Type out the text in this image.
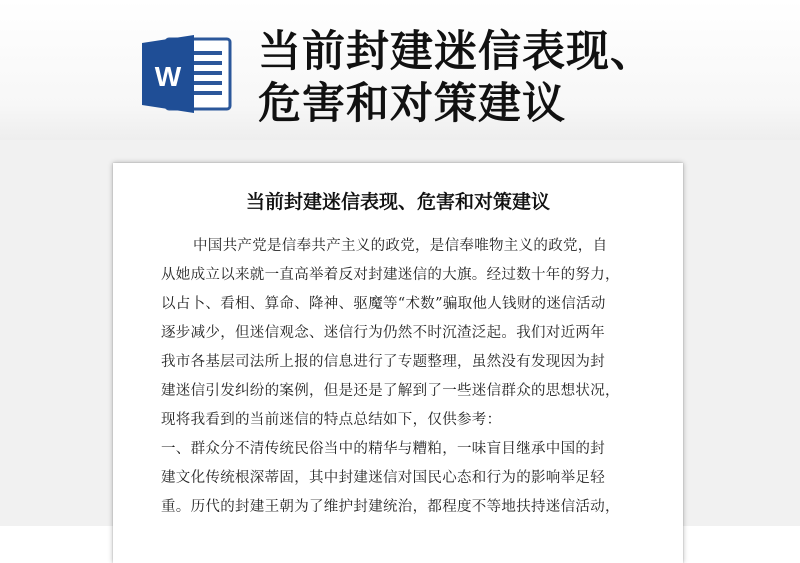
W 当前封建迷信表现、
危害和对策建议
当前封建迷信表现、危害和对策建议
中国共产党是信奉共产主义的政党，是信奉唯物主义的政党，自
从她成立以来就一直高举着反对封建迷信的大旗。经过数十年的努力，
以占卜、看相、算命、降神、驱魔等“术数”骗取他人钱财的迷信活动
逐步减少，但迷信观念、迷信行为仍然不时沉渣泛起。我们对近两年
我市各基层司法所上报的信息进行了专题整理，虽然没有发现因为封
建迷信引发纠纷的案例，但是还是了解到了一些迷信群众的思想状况，
现将我看到的当前迷信的特点总结如下，仅供参考：
一、群众分不清传统民俗当中的精华与糟粕，一味盲目继承中国的封
建文化传统根深蒂固，其中封建迷信对国民心态和行为的影响举足轻
重。历代的封建王朝为了维护封建统治，都程度不等地扶持迷信活动，
